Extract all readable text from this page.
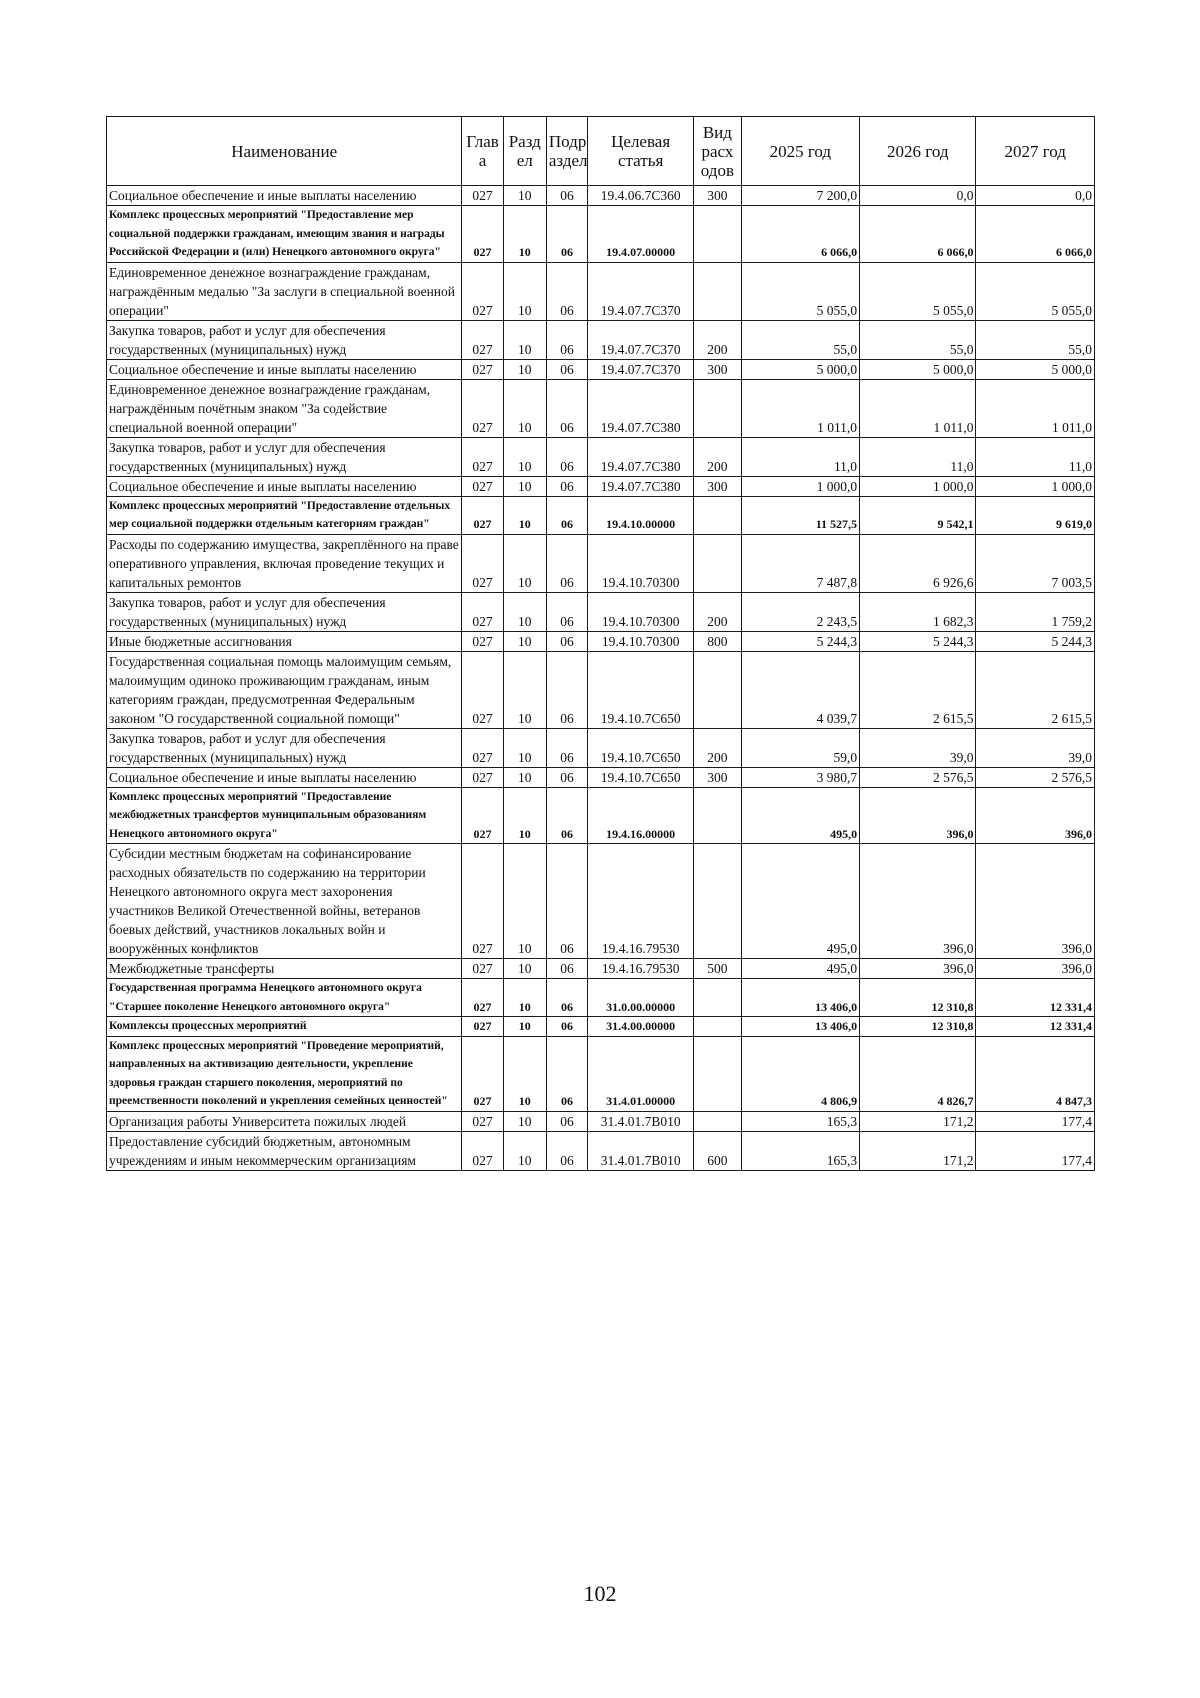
Наименование	Глав а	Разд ел	Подр аздел	Целевая статья	Вид расх одов	2025 год	2026 год	2027 год
Социальное обеспечение и иные выплаты населению	027	10	06	19.4.06.7С360	300	7 200,0	0,0	0,0
Комплекс процессных мероприятий "Предоставление мер социальной поддержки гражданам, имеющим звания и награды Российской Федерации и (или) Ненецкого автономного округа"	027	10	06	19.4.07.00000		6 066,0	6 066,0	6 066,0
Единовременное денежное вознаграждение гражданам, награждённым медалью "За заслуги в специальной военной операции"	027	10	06	19.4.07.7С370		5 055,0	5 055,0	5 055,0
Закупка товаров, работ и услуг для обеспечения государственных (муниципальных) нужд	027	10	06	19.4.07.7С370	200	55,0	55,0	55,0
Социальное обеспечение и иные выплаты населению	027	10	06	19.4.07.7С370	300	5 000,0	5 000,0	5 000,0
Единовременное денежное вознаграждение гражданам, награждённым почётным знаком "За содействие специальной военной операции"	027	10	06	19.4.07.7С380		1 011,0	1 011,0	1 011,0
Закупка товаров, работ и услуг для обеспечения государственных (муниципальных) нужд	027	10	06	19.4.07.7С380	200	11,0	11,0	11,0
Социальное обеспечение и иные выплаты населению	027	10	06	19.4.07.7С380	300	1 000,0	1 000,0	1 000,0
Комплекс процессных мероприятий "Предоставление отдельных мер социальной поддержки отдельным категориям граждан"	027	10	06	19.4.10.00000		11 527,5	9 542,1	9 619,0
Расходы по содержанию имущества, закреплённого на праве оперативного управления, включая проведение текущих и капитальных ремонтов	027	10	06	19.4.10.70300		7 487,8	6 926,6	7 003,5
Закупка товаров, работ и услуг для обеспечения государственных (муниципальных) нужд	027	10	06	19.4.10.70300	200	2 243,5	1 682,3	1 759,2
Иные бюджетные ассигнования	027	10	06	19.4.10.70300	800	5 244,3	5 244,3	5 244,3
Государственная социальная помощь малоимущим семьям, малоимущим одиноко проживающим гражданам, иным категориям граждан, предусмотренная Федеральным законом "О государственной социальной помощи"	027	10	06	19.4.10.7С650		4 039,7	2 615,5	2 615,5
Закупка товаров, работ и услуг для обеспечения государственных (муниципальных) нужд	027	10	06	19.4.10.7С650	200	59,0	39,0	39,0
Социальное обеспечение и иные выплаты населению	027	10	06	19.4.10.7С650	300	3 980,7	2 576,5	2 576,5
Комплекс процессных мероприятий "Предоставление межбюджетных трансфертов муниципальным образованиям Ненецкого автономного округа"	027	10	06	19.4.16.00000		495,0	396,0	396,0
Субсидии местным бюджетам на софинансирование расходных обязательств по содержанию на территории Ненецкого автономного округа мест захоронения участников Великой Отечественной войны, ветеранов боевых действий, участников локальных войн и вооружённых конфликтов	027	10	06	19.4.16.79530		495,0	396,0	396,0
Межбюджетные трансферты	027	10	06	19.4.16.79530	500	495,0	396,0	396,0
Государственная программа Ненецкого автономного округа "Старшее поколение Ненецкого автономного округа"	027	10	06	31.0.00.00000		13 406,0	12 310,8	12 331,4
Комплексы процессных мероприятий	027	10	06	31.4.00.00000		13 406,0	12 310,8	12 331,4
Комплекс процессных мероприятий "Проведение мероприятий, направленных на активизацию деятельности, укрепление здоровья граждан старшего поколения, мероприятий по преемственности поколений и укрепления семейных ценностей"	027	10	06	31.4.01.00000		4 806,9	4 826,7	4 847,3
Организация работы Университета пожилых людей	027	10	06	31.4.01.7В010		165,3	171,2	177,4
Предоставление субсидий бюджетным, автономным учреждениям и иным некоммерческим организациям	027	10	06	31.4.01.7В010	600	165,3	171,2	177,4
102
